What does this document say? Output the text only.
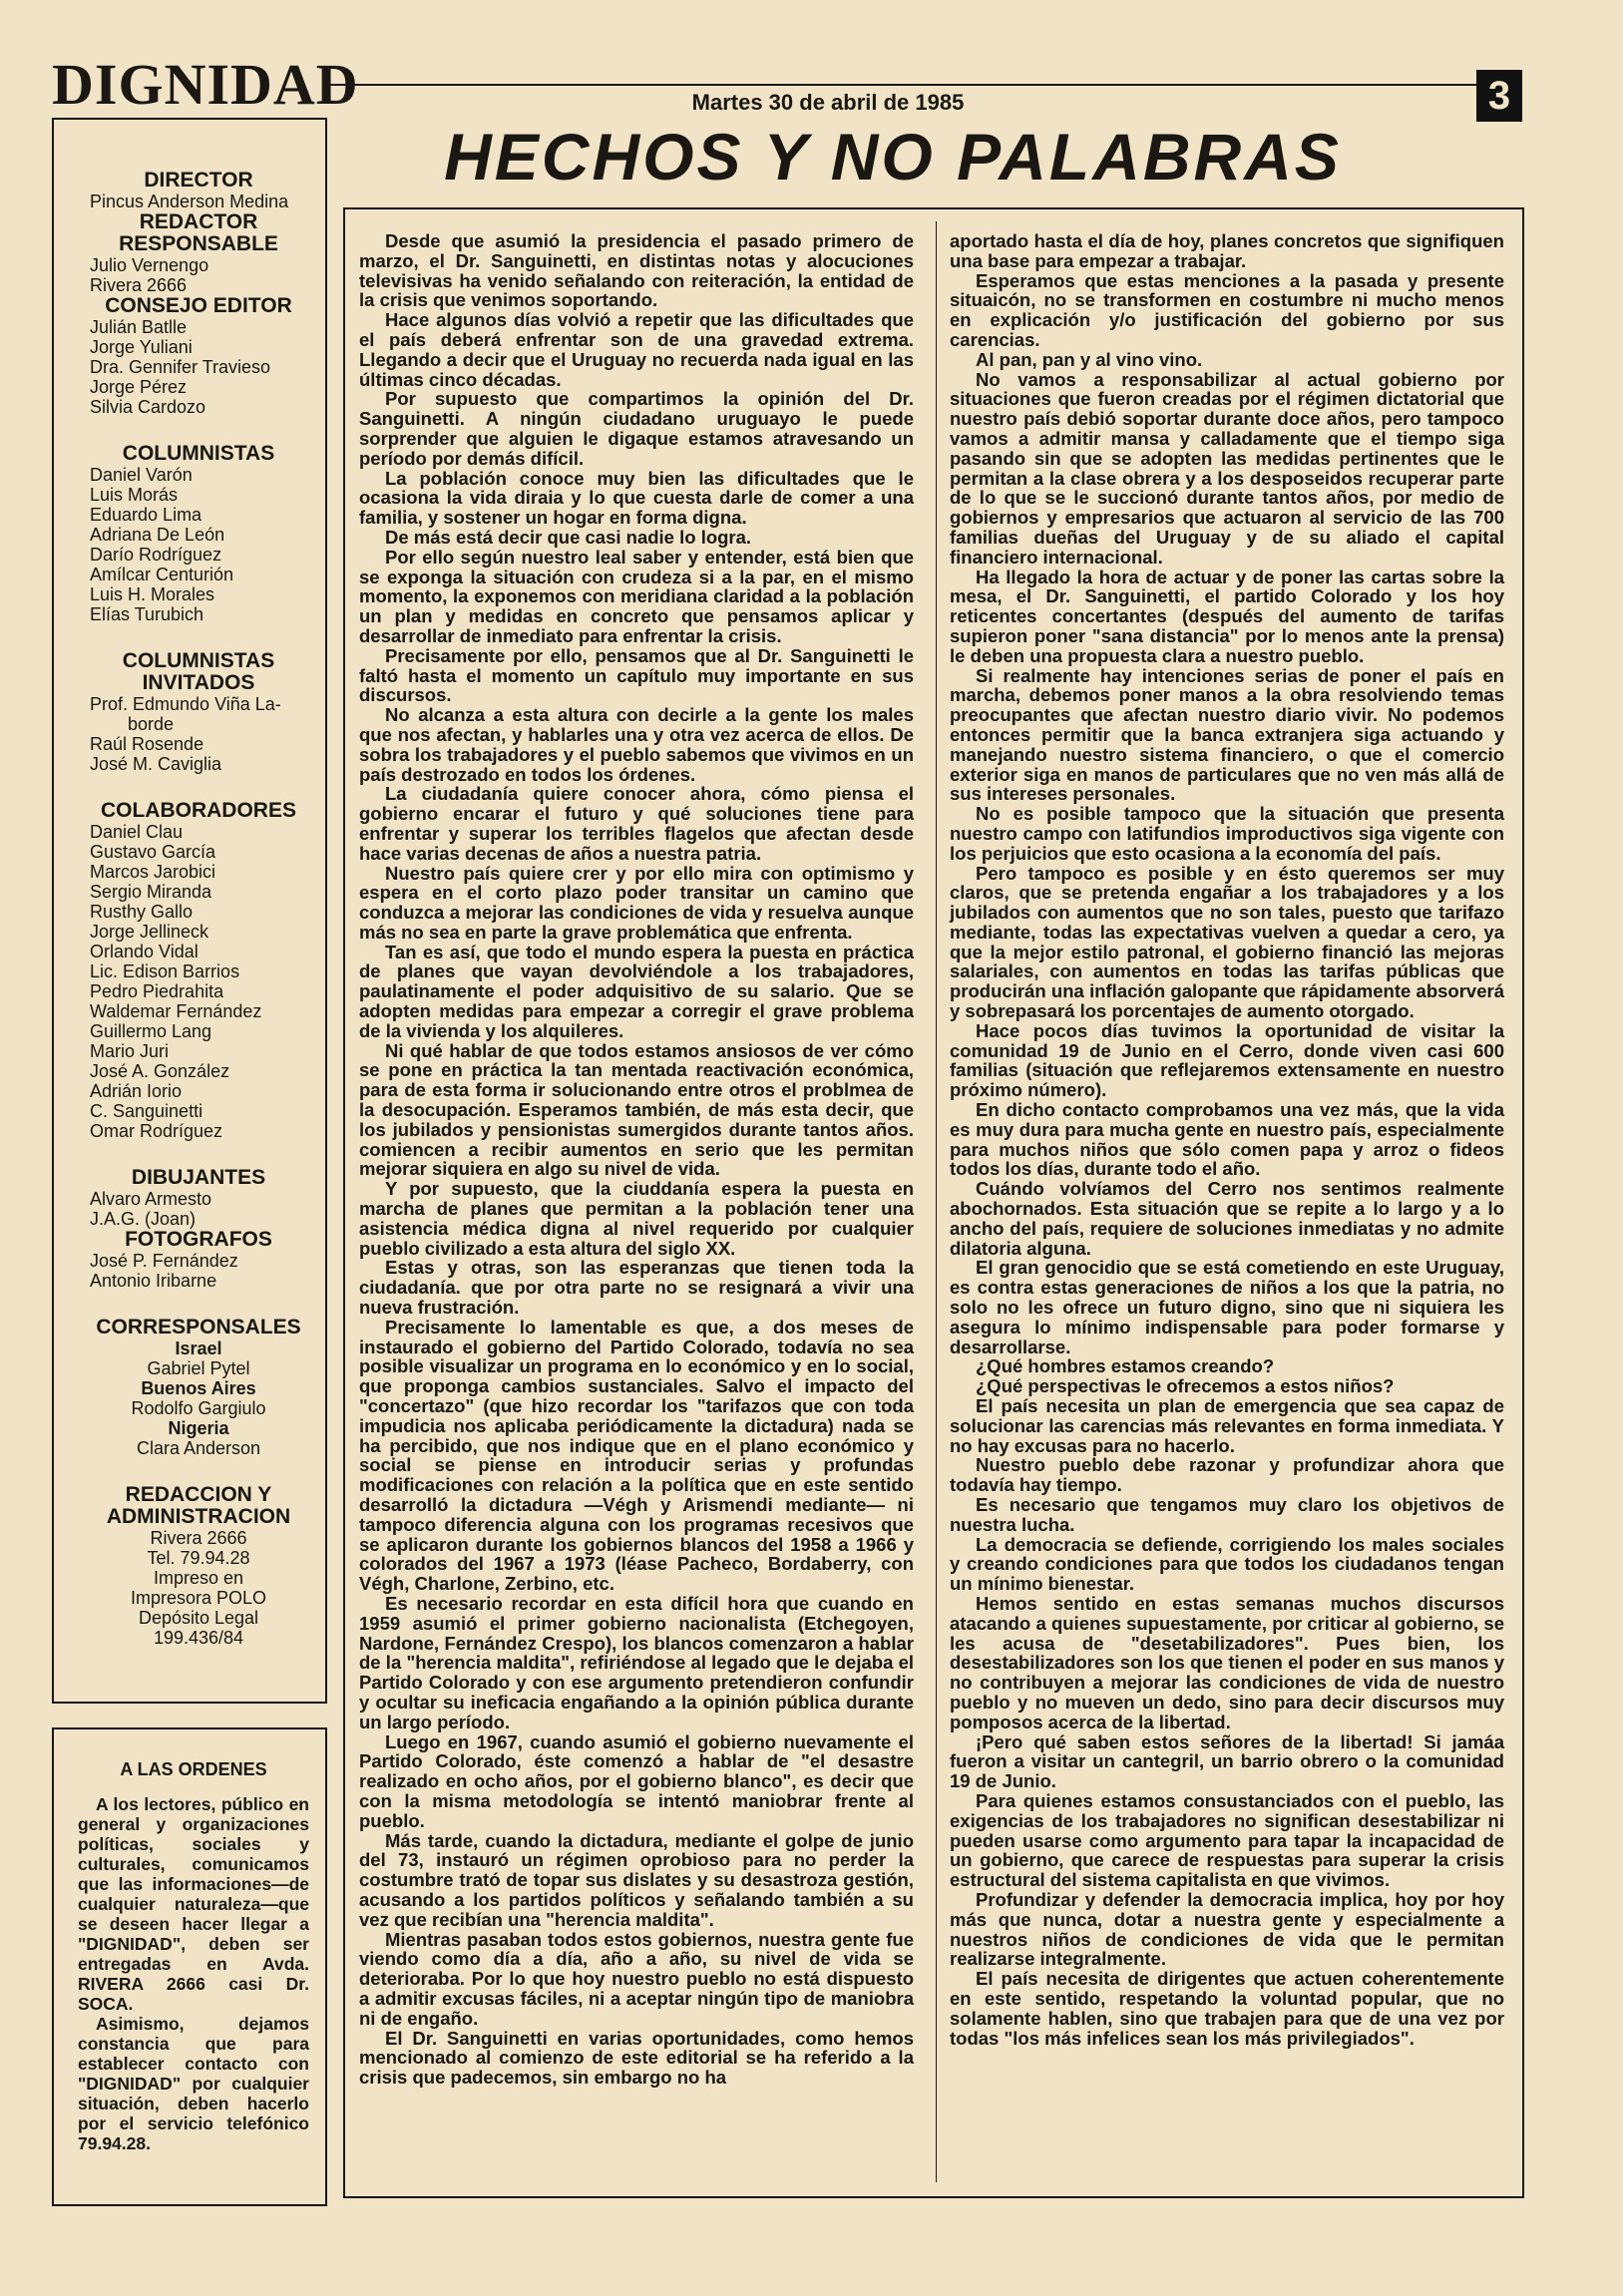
DIGNIDAD	Martes 30 de abril de 1985	3
HECHOS Y NO PALABRAS
DIRECTOR
Pincus Anderson Medina
REDACTOR RESPONSABLE
Julio Vernengo
Rivera 2666
CONSEJO EDITOR
Julián Batlle
Jorge Yuliani
Dra. Gennifer Travieso
Jorge Pérez
Silvia Cardozo
COLUMNISTAS
Daniel Varón
Luis Morás
Eduardo Lima
Adriana De León
Darío Rodríguez
Amílcar Centurión
Luis H. Morales
Elías Turubich
COLUMNISTAS INVITADOS
Prof. Edmundo Viña La-
borde
Raúl Rosende
José M. Caviglia
COLABORADORES
Daniel Clau
Gustavo García
Marcos Jarobici
Sergio Miranda
Rusthy Gallo
Jorge Jellineck
Orlando Vidal
Lic. Edison Barrios
Pedro Piedrahita
Waldemar Fernández
Guillermo Lang
Mario Juri
José A. González
Adrián Iorio
C. Sanguinetti
Omar Rodríguez
DIBUJANTES
Alvaro Armesto
J.A.G. (Joan)
FOTOGRAFOS
José P. Fernández
Antonio Iribarne
CORRESPONSALES
Israel
Gabriel Pytel
Buenos Aires
Rodolfo Gargiulo
Nigeria
Clara Anderson
REDACCION Y ADMINISTRACION
Rivera 2666
Tel. 79.94.28
Impreso en
Impresora POLO
Depósito Legal
199.436/84
A LAS ORDENES

A los lectores, público en general y organizaciones políticas, sociales y culturales, comunicamos que las informaciones—de cualquier naturaleza—que se deseen hacer llegar a "DIGNIDAD", deben ser entregadas en Avda. RIVERA 2666 casi Dr. SOCA.

Asimismo, dejamos constancia que para establecer contacto con "DIGNIDAD" por cualquier situación, deben hacerlo por el servicio telefónico 79.94.28.

Desde que asumió la presidencia el pasado primero de marzo, el Dr. Sanguinetti, en distintas notas y alocuciones televisivas ha venido señalando con reiteración, la entidad de la crisis que venimos soportando.

Hace algunos días volvió a repetir que las dificultades que el país deberá enfrentar son de una gravedad extrema. Llegando a decir que el Uruguay no recuerda nada igual en las últimas cinco décadas.

Por supuesto que compartimos la opinión del Dr. Sanguinetti. A ningún ciudadano uruguayo le puede sorprender que alguien le digaque estamos atravesando un período por demás difícil.

La población conoce muy bien las dificultades que le ocasiona la vida diraia y lo que cuesta darle de comer a una familia, y sostener un hogar en forma digna.

De más está decir que casi nadie lo logra.

Por ello según nuestro leal saber y entender, está bien que se exponga la situación con crudeza si a la par, en el mismo momento, la exponemos con meridiana claridad a la población un plan y medidas en concreto que pensamos aplicar y desarrollar de inmediato para enfrentar la crisis.

Precisamente por ello, pensamos que al Dr. Sanguinetti le faltó hasta el momento un capítulo muy importante en sus discursos.

No alcanza a esta altura con decirle a la gente los males que nos afectan, y hablarles una y otra vez acerca de ellos. De sobra los trabajadores y el pueblo sabemos que vivimos en un país destrozado en todos los órdenes.

La ciudadanía quiere conocer ahora, cómo piensa el gobierno encarar el futuro y qué soluciones tiene para enfrentar y superar los terribles flagelos que afectan desde hace varias decenas de años a nuestra patria.

Nuestro país quiere crer y por ello mira con optimismo y espera en el corto plazo poder transitar un camino que conduzca a mejorar las condiciones de vida y resuelva aunque más no sea en parte la grave problemática que enfrenta.

Tan es así, que todo el mundo espera la puesta en práctica de planes que vayan devolviéndole a los trabajadores, paulatinamente el poder adquisitivo de su salario. Que se adopten medidas para empezar a corregir el grave problema de la vivienda y los alquileres.

Ni qué hablar de que todos estamos ansiosos de ver cómo se pone en práctica la tan mentada reactivación económica, para de esta forma ir solucionando entre otros el problmea de la desocupación. Esperamos también, de más esta decir, que los jubilados y pensionistas sumergidos durante tantos años. comiencen a recibir aumentos en serio que les permitan mejorar siquiera en algo su nivel de vida.

Y por supuesto, que la ciuddanía espera la puesta en marcha de planes que permitan a la población tener una asistencia médica digna al nivel requerido por cualquier pueblo civilizado a esta altura del siglo XX.

Estas y otras, son las esperanzas que tienen toda la ciudadanía. que por otra parte no se resignará a vivir una nueva frustración.

Precisamente lo lamentable es que, a dos meses de instaurado el gobierno del Partido Colorado, todavía no sea posible visualizar un programa en lo económico y en lo social, que proponga cambios sustanciales. Salvo el impacto del "concertazo" (que hizo recordar los "tarifazos que con toda impudicia nos aplicaba periódicamente la dictadura) nada se ha percibido, que nos indique que en el plano económico y social se piense en introducir serias y profundas modificaciones con relación a la política que en este sentido desarrolló la dictadura —Végh y Arismendi mediante— ni tampoco diferencia alguna con los programas recesivos que se aplicaron durante los gobiernos blancos del 1958 a 1966 y colorados del 1967 a 1973 (léase Pacheco, Bordaberry, con Végh, Charlone, Zerbino, etc.

Es necesario recordar en esta difícil hora que cuando en 1959 asumió el primer gobierno nacionalista (Etchegoyen, Nardone, Fernández Crespo), los blancos comenzaron a hablar de la "herencia maldita", refiriéndose al legado que le dejaba el Partido Colorado y con ese argumento pretendieron confundir y ocultar su ineficacia engañando a la opinión pública durante un largo período.

Luego en 1967, cuando asumió el gobierno nuevamente el Partido Colorado, éste comenzó a hablar de "el desastre realizado en ocho años, por el gobierno blanco", es decir que con la misma metodología se intentó maniobrar frente al pueblo.

Más tarde, cuando la dictadura, mediante el golpe de junio del 73, instauró un régimen oprobioso para no perder la costumbre trató de topar sus dislates y su desastroza gestión, acusando a los partidos políticos y señalando también a su vez que recibían una "herencia maldita".

Mientras pasaban todos estos gobiernos, nuestra gente fue viendo como día a día, año a año, su nivel de vida se deterioraba. Por lo que hoy nuestro pueblo no está dispuesto a admitir excusas fáciles, ni a aceptar ningún tipo de maniobra ni de engaño.

El Dr. Sanguinetti en varias oportunidades, como hemos mencionado al comienzo de este editorial se ha referido a la crisis que padecemos, sin embargo no ha

aportado hasta el día de hoy, planes concretos que signifiquen una base para empezar a trabajar.

Esperamos que estas menciones a la pasada y presente situaicón, no se transformen en costumbre ni mucho menos en explicación y/o justificación del gobierno por sus carencias.

Al pan, pan y al vino vino.

No vamos a responsabilizar al actual gobierno por situaciones que fueron creadas por el régimen dictatorial que nuestro país debió soportar durante doce años, pero tampoco vamos a admitir mansa y calladamente que el tiempo siga pasando sin que se adopten las medidas pertinentes que le permitan a la clase obrera y a los desposeidos recuperar parte de lo que se le succionó durante tantos años, por medio de gobiernos y empresarios que actuaron al servicio de las 700 familias dueñas del Uruguay y de su aliado el capital financiero internacional.

Ha llegado la hora de actuar y de poner las cartas sobre la mesa, el Dr. Sanguinetti, el partido Colorado y los hoy reticentes concertantes (después del aumento de tarifas supieron poner "sana distancia" por lo menos ante la prensa) le deben una propuesta clara a nuestro pueblo.

Si realmente hay intenciones serias de poner el país en marcha, debemos poner manos a la obra resolviendo temas preocupantes que afectan nuestro diario vivir. No podemos entonces permitir que la banca extranjera siga actuando y manejando nuestro sistema financiero, o que el comercio exterior siga en manos de particulares que no ven más allá de sus intereses personales.

No es posible tampoco que la situación que presenta nuestro campo con latifundios improductivos siga vigente con los perjuicios que esto ocasiona a la economía del país.

Pero tampoco es posible y en ésto queremos ser muy claros, que se pretenda engañar a los trabajadores y a los jubilados con aumentos que no son tales, puesto que tarifazo mediante, todas las expectativas vuelven a quedar a cero, ya que la mejor estilo patronal, el gobierno financió las mejoras salariales, con aumentos en todas las tarifas públicas que producirán una inflación galopante que rápidamente absorverá y sobrepasará los porcentajes de aumento otorgado.

Hace pocos días tuvimos la oportunidad de visitar la comunidad 19 de Junio en el Cerro, donde viven casi 600 familias (situación que reflejaremos extensamente en nuestro próximo número).

En dicho contacto comprobamos una vez más, que la vida es muy dura para mucha gente en nuestro país, especialmente para muchos niños que sólo comen papa y arroz o fideos todos los días, durante todo el año.

Cuándo volvíamos del Cerro nos sentimos realmente abochornados. Esta situación que se repite a lo largo y a lo ancho del país, requiere de soluciones inmediatas y no admite dilatoria alguna.

El gran genocidio que se está cometiendo en este Uruguay, es contra estas generaciones de niños a los que la patria, no solo no les ofrece un futuro digno, sino que ni siquiera les asegura lo mínimo indispensable para poder formarse y desarrollarse.

¿Qué hombres estamos creando?

¿Qué perspectivas le ofrecemos a estos niños?

El país necesita un plan de emergencia que sea capaz de solucionar las carencias más relevantes en forma inmediata. Y no hay excusas para no hacerlo.

Nuestro pueblo debe razonar y profundizar ahora que todavía hay tiempo.

Es necesario que tengamos muy claro los objetivos de nuestra lucha.

La democracia se defiende, corrigiendo los males sociales y creando condiciones para que todos los ciudadanos tengan un mínimo bienestar.

Hemos sentido en estas semanas muchos discursos atacando a quienes supuestamente, por criticar al gobierno, se les acusa de "desetabilizadores". Pues bien, los desestabilizadores son los que tienen el poder en sus manos y no contribuyen a mejorar las condiciones de vida de nuestro pueblo y no mueven un dedo, sino para decir discursos muy pomposos acerca de la libertad.

¡Pero qué saben estos señores de la libertad! Si jamáa fueron a visitar un cantegril, un barrio obrero o la comunidad 19 de Junio.

Para quienes estamos consustanciados con el pueblo, las exigencias de los trabajadores no significan desestabilizar ni pueden usarse como argumento para tapar la incapacidad de un gobierno, que carece de respuestas para superar la crisis estructural del sistema capitalista en que vivimos.

Profundizar y defender la democracia implica, hoy por hoy más que nunca, dotar a nuestra gente y especialmente a nuestros niños de condiciones de vida que le permitan realizarse integralmente.

El país necesita de dirigentes que actuen coherentemente en este sentido, respetando la voluntad popular, que no solamente hablen, sino que trabajen para que de una vez por todas "los más infelices sean los más privilegiados".
